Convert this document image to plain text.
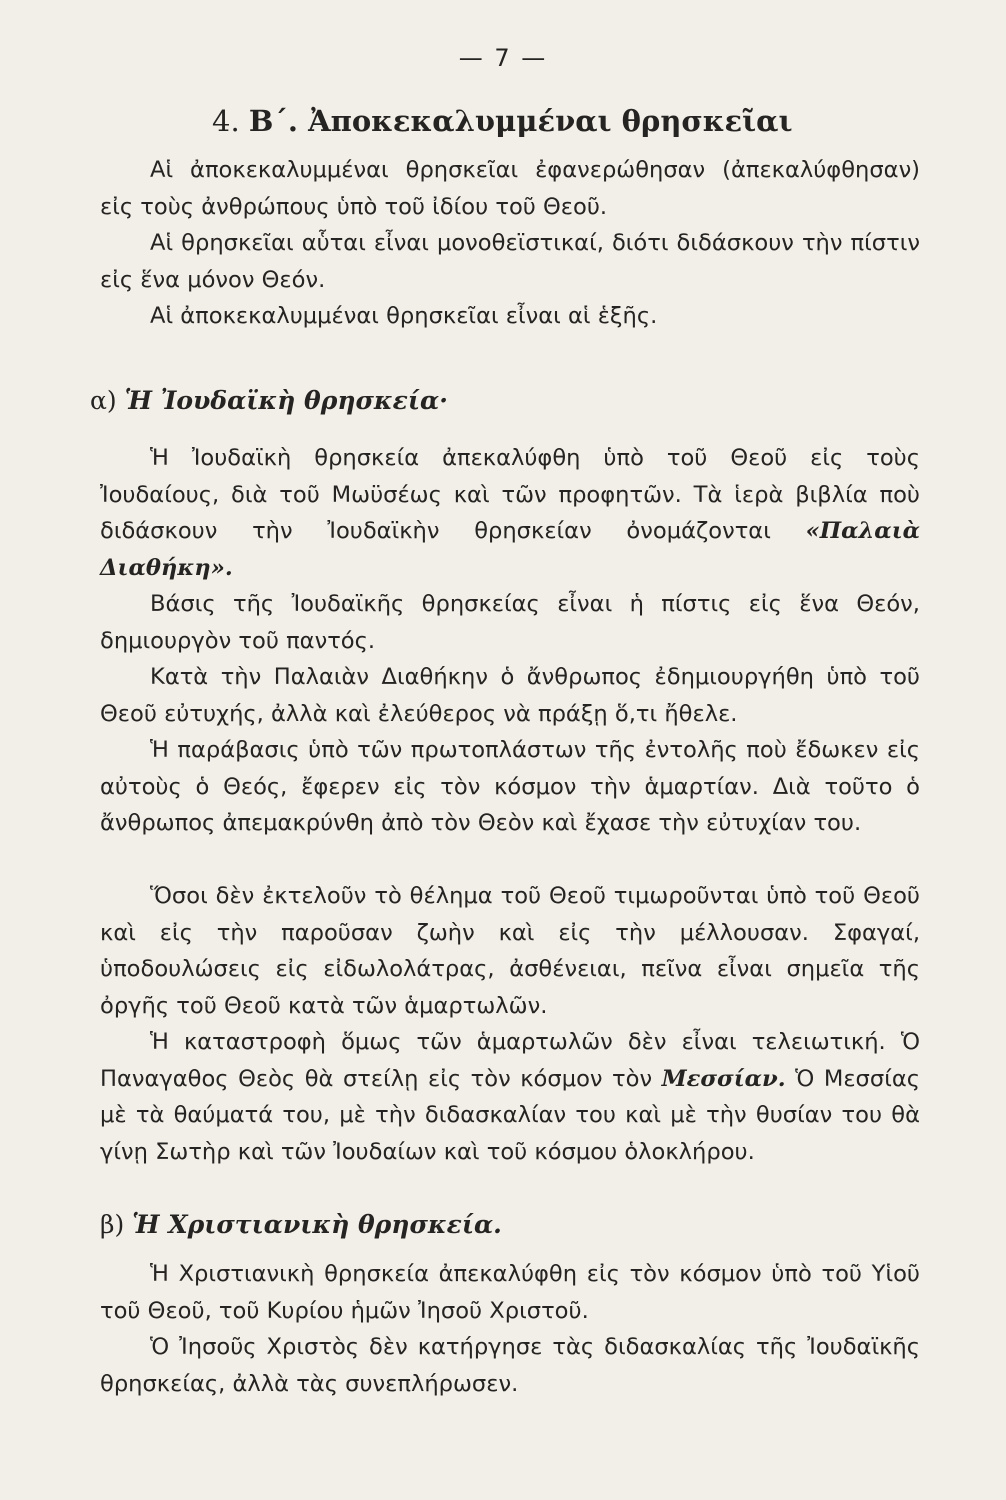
— 7 —
4. Β΄. Ἀποκεκαλυμμέναι θρησκεῖαι

Αἱ ἀποκεκαλυμμέναι θρησκεῖαι ἐφανερώθησαν (ἀπεκαλύφθησαν) εἰς τοὺς ἀνθρώπους ὑπὸ τοῦ ἰδίου τοῦ Θεοῦ.

Αἱ θρησκεῖαι αὗται εἶναι μονοθεϊστικαί, διότι διδάσκουν τὴν πίστιν εἰς ἕνα μόνον Θεόν.

Αἱ ἀποκεκαλυμμέναι θρησκεῖαι εἶναι αἱ ἑξῆς.

α) Ἡ Ἰουδαϊκὴ θρησκεία·

Ἡ Ἰουδαϊκὴ θρησκεία ἀπεκαλύφθη ὑπὸ τοῦ Θεοῦ εἰς τοὺς Ἰουδαίους, διὰ τοῦ Μωϋσέως καὶ τῶν προφητῶν. Τὰ ἱερὰ βιβλία ποὺ διδάσκουν τὴν Ἰουδαϊκὴν θρησκείαν ὀνομάζονται «Παλαιὰ Διαθήκη».

Βάσις τῆς Ἰουδαϊκῆς θρησκείας εἶναι ἡ πίστις εἰς ἕνα Θεόν, δημιουργὸν τοῦ παντός.

Κατὰ τὴν Παλαιὰν Διαθήκην ὁ ἄνθρωπος ἐδημιουργήθη ὑπὸ τοῦ Θεοῦ εὐτυχής, ἀλλὰ καὶ ἐλεύθερος νὰ πράξῃ ὅ,τι ἤθελε.

Ἡ παράβασις ὑπὸ τῶν πρωτοπλάστων τῆς ἐντολῆς ποὺ ἔδωκεν εἰς αὐτοὺς ὁ Θεός, ἔφερεν εἰς τὸν κόσμον τὴν ἁμαρτίαν. Διὰ τοῦτο ὁ ἄνθρωπος ἀπεμακρύνθη ἀπὸ τὸν Θεὸν καὶ ἔχασε τὴν εὐτυχίαν του.

Ὅσοι δὲν ἐκτελοῦν τὸ θέλημα τοῦ Θεοῦ τιμωροῦνται ὑπὸ τοῦ Θεοῦ καὶ εἰς τὴν παροῦσαν ζωὴν καὶ εἰς τὴν μέλλουσαν. Σφαγαί, ὑποδουλώσεις εἰς εἰδωλολάτρας, ἀσθένειαι, πεῖνα εἶναι σημεῖα τῆς ὀργῆς τοῦ Θεοῦ κατὰ τῶν ἁμαρτωλῶν.

Ἡ καταστροφὴ ὅμως τῶν ἁμαρτωλῶν δὲν εἶναι τελειωτική. Ὁ Παναγαθος Θεὸς θὰ στείλῃ εἰς τὸν κόσμον τὸν Μεσσίαν. Ὁ Μεσσίας μὲ τὰ θαύματά του, μὲ τὴν διδασκαλίαν του καὶ μὲ τὴν θυσίαν του θὰ γίνῃ Σωτὴρ καὶ τῶν Ἰουδαίων καὶ τοῦ κόσμου ὁλοκλήρου.

β) Ἡ Χριστιανικὴ θρησκεία.

Ἡ Χριστιανικὴ θρησκεία ἀπεκαλύφθη εἰς τὸν κόσμον ὑπὸ τοῦ Υἱοῦ τοῦ Θεοῦ, τοῦ Κυρίου ἡμῶν Ἰησοῦ Χριστοῦ.

Ὁ Ἰησοῦς Χριστὸς δὲν κατήργησε τὰς διδασκαλίας τῆς Ἰουδαϊκῆς θρησκείας, ἀλλὰ τὰς συνεπλήρωσεν.
